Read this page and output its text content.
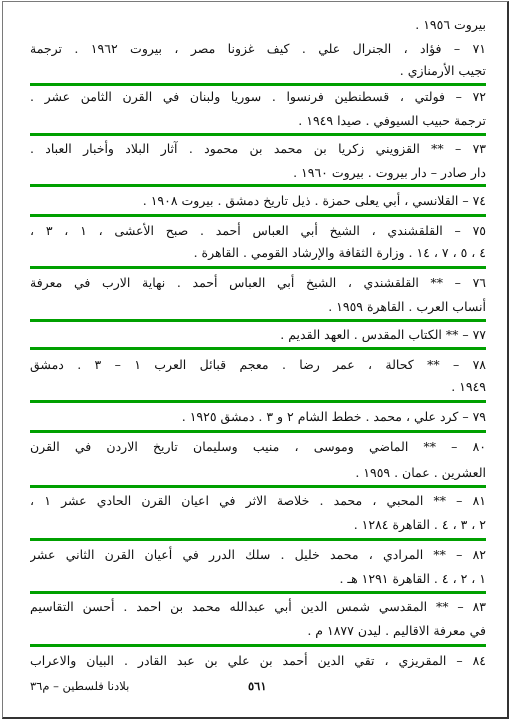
بيروت ١٩٥٦ .
٧١ – فؤاد ، الجنرال علي . كيف غزونا مصر ، بيروت ١٩٦٢ . ترجمة
تجيب الأرمنازي .
٧٢ – فولتي ، قسطنطين فرنسوا . سوريا ولبنان في القرن الثامن عشر .
ترجمة حبيب السيوفي . صيدا ١٩٤٩ .
٧٣ – ** القزويني زكريا بن محمد بن محمود . آثار البلاد وأخبار العباد .
دار صادر – دار بيروت . بيروت ١٩٦٠ .
٧٤ – القلانسي ، أبي يعلى حمزة . ذيل تاريخ دمشق . بيروت ١٩٠٨ .
٧٥ – القلقشندي ، الشيخ أبي العباس أحمد . صبح الأعشى ، ١ ، ٣ ،
٤ ، ٥ ، ٧ ، ١٤ . وزارة الثقافة والإرشاد القومي . القاهرة .
٧٦ – ** القلقشندي ، الشيخ أبي العباس أحمد . نهاية الارب في معرفة
أنساب العرب . القاهرة ١٩٥٩ .
٧٧ – ** الكتاب المقدس . العهد القديم .
٧٨ – ** كحالة ، عمر رضا . معجم قبائل العرب ١ – ٣ . دمشق
١٩٤٩ .
٧٩ – كرد علي ، محمد . خطط الشام ٢ و ٣ . دمشق ١٩٢٥ .
٨٠ – ** الماضي وموسى ، منيب وسليمان تاريخ الاردن في القرن
العشرين . عمان . ١٩٥٩ .
٨١ – ** المحبي ، محمد . خلاصة الاثر في اعيان القرن الحادي عشر ١ ،
٢ ، ٣ ، ٤ . القاهرة ١٢٨٤ .
٨٢ – ** المرادي ، محمد خليل . سلك الدرر في أعيان القرن الثاني عشر
١ ، ٢ ، ٤ . القاهرة ١٢٩١ هـ .
٨٣ – ** المقدسي شمس الدين أبي عبدالله محمد بن احمد . أحسن التقاسيم
في معرفة الاقاليم . ليدن ١٨٧٧ م .
٨٤ – المقريزي ، تقي الدين أحمد بن علي بن عبد القادر . البيان والاعراب
بلادنا فلسطين – م٣٦	٥٦١
